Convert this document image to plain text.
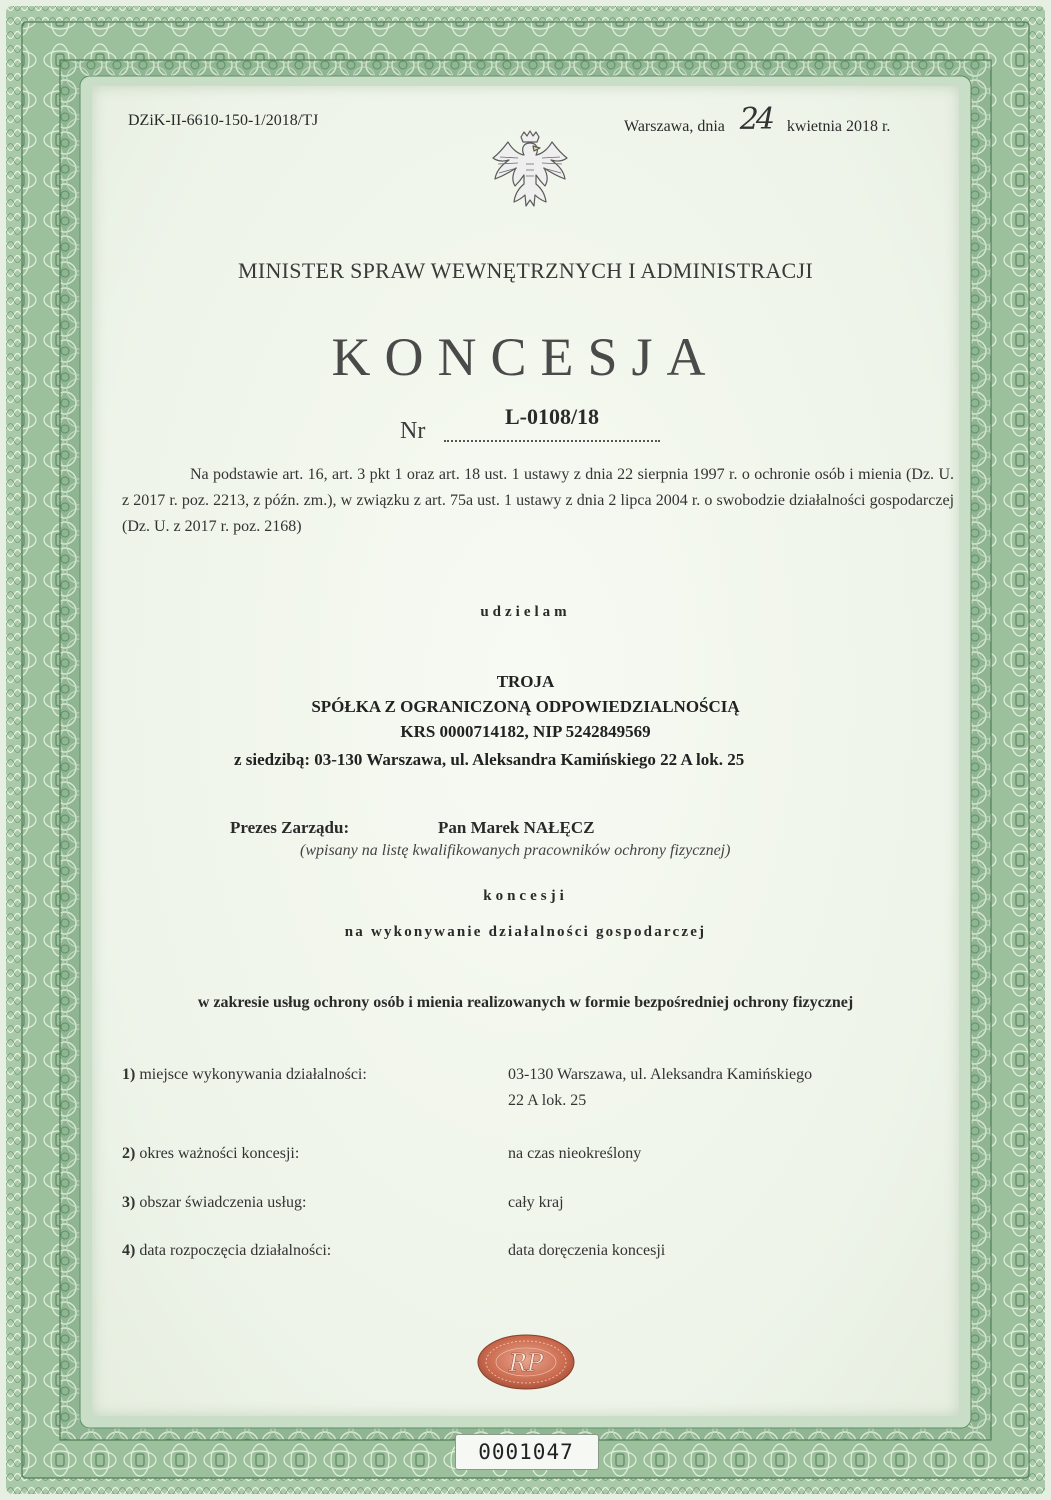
DZiK-II-6610-150-1/2018/TJ	Warszawa, dnia 24 kwietnia 2018 r.
MINISTER SPRAW WEWNĘTRZNYCH I ADMINISTRACJI
KONCESJA
Nr
L-0108/18
Na podstawie art. 16, art. 3 pkt 1 oraz art. 18 ust. 1 ustawy z dnia 22 sierpnia 1997 r. o ochronie osób i mienia (Dz. U. z 2017 r. poz. 2213, z późn. zm.), w związku z art. 75a ust. 1 ustawy z dnia 2 lipca 2004 r. o swobodzie działalności gospodarczej (Dz. U. z 2017 r. poz. 2168)
udzielam
TROJA
SPÓŁKA Z OGRANICZONĄ ODPOWIEDZIALNOŚCIĄ
KRS 0000714182, NIP 5242849569
z siedzibą: 03-130 Warszawa, ul. Aleksandra Kamińskiego 22 A lok. 25
Prezes Zarządu:	Pan Marek NAŁĘCZ
(wpisany na listę kwalifikowanych pracowników ochrony fizycznej)
koncesji
na wykonywanie działalności gospodarczej
w zakresie usług ochrony osób i mienia realizowanych w formie bezpośredniej ochrony fizycznej
1) miejsce wykonywania działalności:	03-130 Warszawa, ul. Aleksandra Kamińskiego
22 A lok. 25
2) okres ważności koncesji:	na czas nieokreślony
3) obszar świadczenia usług:	cały kraj
4) data rozpoczęcia działalności:	data doręczenia koncesji
RP
0001047
